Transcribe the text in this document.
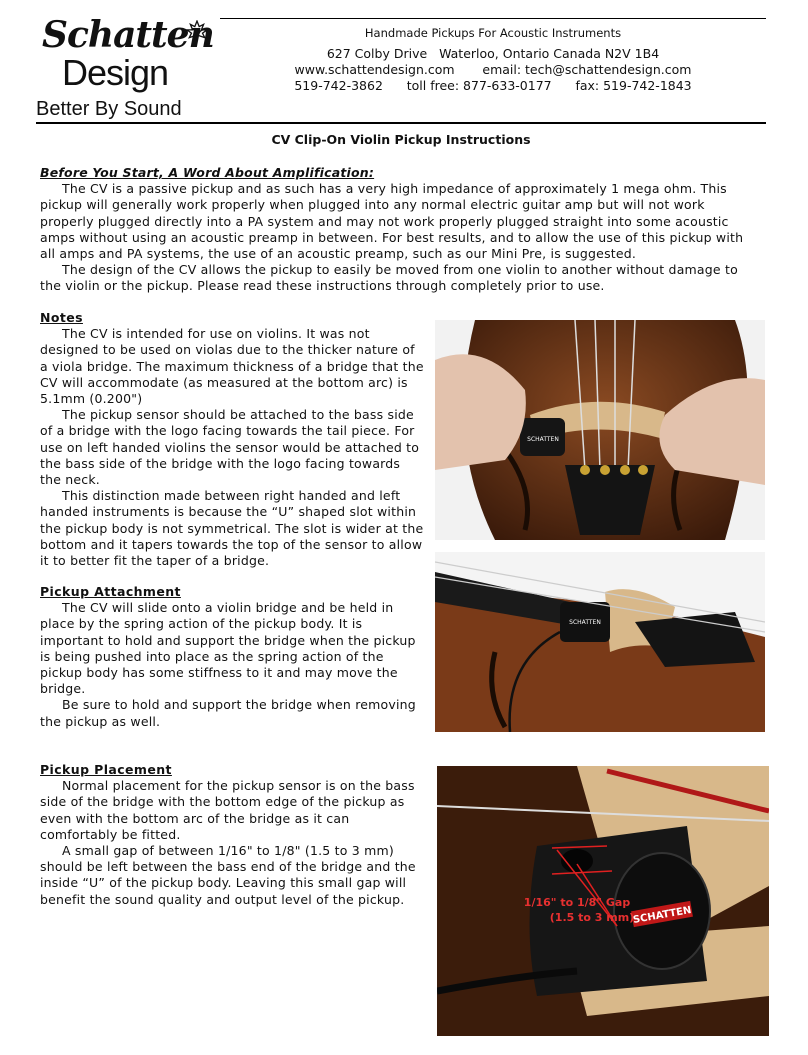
Schatten
Design
Better By Sound
Handmade Pickups For Acoustic Instruments
627 Colby Drive   Waterloo, Ontario Canada N2V 1B4
www.schattendesign.com       email: tech@schattendesign.com
519-742-3862      toll free: 877-633-0177      fax: 519-742-1843
CV Clip-On Violin Pickup Instructions
Before You Start, A Word About Amplification:

The CV is a passive pickup and as such has a very high impedance of approximately 1 mega ohm. This pickup will generally work properly when plugged into any normal electric guitar amp but will not work properly plugged directly into a PA system and may not work properly plugged straight into some acoustic amps without using an acoustic preamp in between. For best results, and to allow the use of this pickup with all amps and PA systems, the use of an acoustic preamp, such as our Mini Pre, is suggested.

The design of the CV allows the pickup to easily be moved from one violin to another without damage to the violin or the pickup. Please read these instructions through completely prior to use.

Notes

The CV is intended for use on violins. It was not designed to be used on violas due to the thicker nature of a viola bridge. The maximum thickness of a bridge that the CV will accommodate (as measured at the bottom arc) is 5.1mm (0.200")

The pickup sensor should be attached to the bass side of a bridge with the logo facing towards the tail piece. For use on left handed violins the sensor would be attached to the bass side of the bridge with the logo facing towards the neck.

This distinction made between right handed and left handed instruments is because the “U” shaped slot within the pickup body is not symmetrical. The slot is wider at the bottom and it tapers towards the top of the sensor to allow it to better fit the taper of a bridge.

Pickup Attachment

The CV will slide onto a violin bridge and be held in place by the spring action of the pickup body. It is important to hold and support the bridge when the pickup is being pushed into place as the spring action of the pickup body has some stiffness to it and may move the bridge.

Be sure to hold and support the bridge when removing the pickup as well.

Pickup Placement

Normal placement for the pickup sensor is on the bass side of the bridge with the bottom edge of the pickup as even with the bottom arc of the bridge as it can comfortably be fitted.

A small gap of between 1/16" to 1/8" (1.5 to 3 mm) should be left between the bass end of the bridge and the inside “U” of the pickup body. Leaving this small gap will benefit the sound quality and output level of the pickup.

SCHATTEN
SCHATTEN
SCHATTEN
1/16" to 1/8" Gap
(1.5 to 3 mm)
